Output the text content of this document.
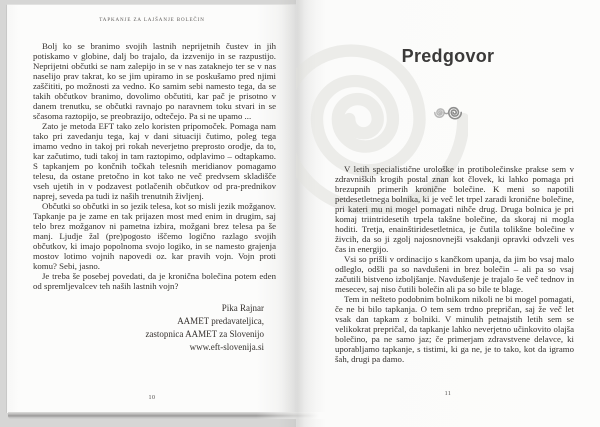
TAPKANJE ZA LAJŠANJE BOLEČIN

Bolj ko se branimo svojih lastnih neprijetnih čustev in jih potiskamo v globine, dalj bo trajalo, da izzvenijo in se razpustijo. Neprijetni občutki se nam zalepijo in se v nas zataknejo ter se v nas naselijo prav takrat, ko se jim upiramo in se poskušamo pred njimi zaščititi, po možnosti za vedno. Ko samim sebi namesto tega, da se takih občutkov branimo, dovolimo občutiti, kar pač je prisotno v danem trenutku, se občutki ravnajo po naravnem toku stvari in se sčasoma raztopijo, se preobrazijo, odtečejo. Pa si ne upamo ...

Zato je metoda EFT tako zelo koristen pripomoček. Pomaga nam tako pri zavedanju tega, kaj v dani situaciji čutimo, poleg tega imamo vedno in takoj pri rokah neverjetno preprosto orodje, da to, kar začutimo, tudi takoj in tam raztopimo, odplavimo – odtapkamo. S tapkanjem po končnih točkah telesnih meridianov pomagamo telesu, da ostane pretočno in kot tako ne več predvsem skladišče vseh ujetih in v podzavest potlačenih občutkov od pra-prednikov naprej, seveda pa tudi iz naših trenutnih življenj.

Občutki so občutki in so jezik telesa, kot so misli jezik možganov. Tapkanje pa je zame en tak prijazen most med enim in drugim, saj telo brez možganov ni pametna izbira, možgani brez telesa pa še manj. Ljudje žal (pre)pogosto iščemo logično razlago svojih občutkov, ki imajo popolnoma svojo logiko, in se namesto grajenja mostov lotimo vojnih napovedi oz. kar pravih vojn. Vojn proti komu? Sebi, jasno.

Je treba še posebej povedati, da je kronična bolečina potem eden od spremljevalcev teh naših lastnih vojn?

Pika Rajnar
AAMET predavateljica,
zastopnica AAMET za Slovenijo
www.eft-slovenija.si
10
Predgovor

V letih specialistične urološke in protibolečinske prakse sem v zdravniških krogih postal znan kot človek, ki lahko pomaga pri brezupnih primerih kronične bolečine. K meni so napotili petdesetletnega bolnika, ki je več let trpel zaradi kronične bolečine, pri kateri mu ni mogel pomagati nihče drug. Druga bolnica je pri komaj triintridesetih trpela takšne bolečine, da skoraj ni mogla hoditi. Tretja, enainštiridesetletnica, je čutila tolikšne bolečine v živcih, da so ji zgolj najosnovnejši vsakdanji opravki odvzeli ves čas in energijo.

Vsi so prišli v ordinacijo s kančkom upanja, da jim bo vsaj malo odleglo, odšli pa so navdušeni in brez bolečin – ali pa so vsaj začutili bistveno izboljšanje. Navdušenje je trajalo še več tednov in mesecev, saj niso čutili bolečin ali pa so bile te blage.

Tem in nešteto podobnim bolnikom nikoli ne bi mogel pomagati, če ne bi bilo tapkanja. O tem sem trdno prepričan, saj že več let vsak dan tapkam z bolniki. V minulih petnajstih letih sem se velikokrat prepričal, da tapkanje lahko neverjetno učinkovito olajša bolečino, pa ne samo jaz; če primerjam zdravstvene delavce, ki uporabljamo tapkanje, s tistimi, ki ga ne, je to tako, kot da igramo šah, drugi pa damo.

11
